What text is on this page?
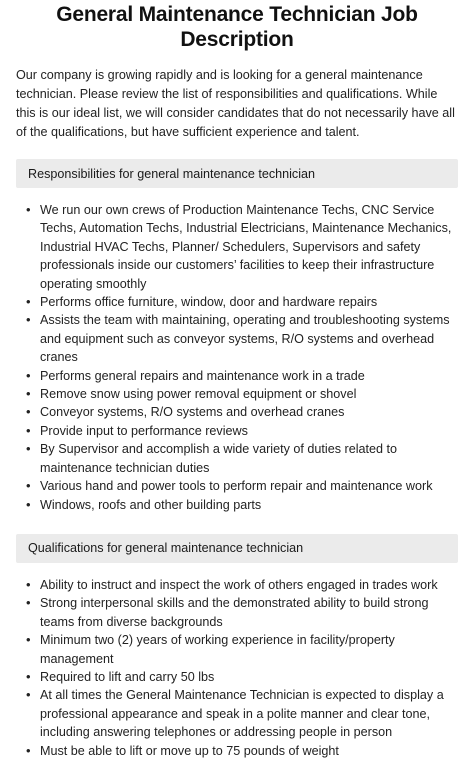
General Maintenance Technician Job Description

Our company is growing rapidly and is looking for a general maintenance technician. Please review the list of responsibilities and qualifications. While this is our ideal list, we will consider candidates that do not necessarily have all of the qualifications, but have sufficient experience and talent.

Responsibilities for general maintenance technician
• We run our own crews of Production Maintenance Techs, CNC Service Techs, Automation Techs, Industrial Electricians, Maintenance Mechanics, Industrial HVAC Techs, Planner/ Schedulers, Supervisors and safety professionals inside our customers’ facilities to keep their infrastructure operating smoothly
• Performs office furniture, window, door and hardware repairs
• Assists the team with maintaining, operating and troubleshooting systems and equipment such as conveyor systems, R/O systems and overhead cranes
• Performs general repairs and maintenance work in a trade
• Remove snow using power removal equipment or shovel
• Conveyor systems, R/O systems and overhead cranes
• Provide input to performance reviews
• By Supervisor and accomplish a wide variety of duties related to maintenance technician duties
• Various hand and power tools to perform repair and maintenance work
• Windows, roofs and other building parts
Qualifications for general maintenance technician
• Ability to instruct and inspect the work of others engaged in trades work
• Strong interpersonal skills and the demonstrated ability to build strong teams from diverse backgrounds
• Minimum two (2) years of working experience in facility/property management
• Required to lift and carry 50 lbs
• At all times the General Maintenance Technician is expected to display a professional appearance and speak in a polite manner and clear tone, including answering telephones or addressing people in person
• Must be able to lift or move up to 75 pounds of weight
